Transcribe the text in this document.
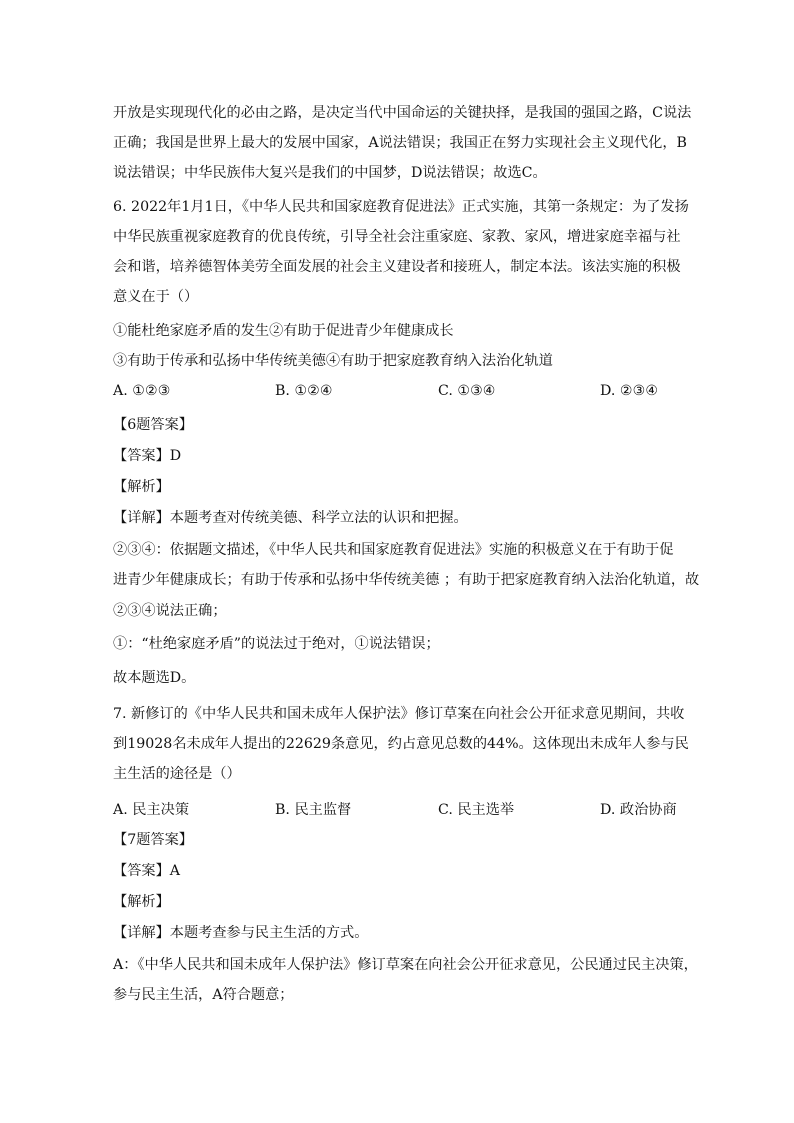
开放是实现现代化的必由之路，是决定当代中国命运的关键抉择，是我国的强国之路，C说法
正确；我国是世界上最大的发展中国家，A说法错误；我国正在努力实现社会主义现代化，B
说法错误；中华民族伟大复兴是我们的中国梦，D说法错误；故选C。
6. 2022年1月1日，《中华人民共和国家庭教育促进法》正式实施，其第一条规定：为了发扬
中华民族重视家庭教育的优良传统，引导全社会注重家庭、家教、家风，增进家庭幸福与社
会和谐，培养德智体美劳全面发展的社会主义建设者和接班人，制定本法。该法实施的积极
意义在于（）
①能杜绝家庭矛盾的发生②有助于促进青少年健康成长
③有助于传承和弘扬中华传统美德④有助于把家庭教育纳入法治化轨道
A. ①②③	B. ①②④	C. ①③④	D. ②③④
【6题答案】
【答案】D
【解析】
【详解】本题考查对传统美德、科学立法的认识和把握。
②③④：依据题文描述，《中华人民共和国家庭教育促进法》实施的积极意义在于有助于促
进青少年健康成长；有助于传承和弘扬中华传统美德 ；有助于把家庭教育纳入法治化轨道，故
②③④说法正确；
①：“杜绝家庭矛盾”的说法过于绝对，①说法错误；
故本题选D。
7. 新修订的《中华人民共和国未成年人保护法》修订草案在向社会公开征求意见期间，共收
到19028名未成年人提出的22629条意见，约占意见总数的44%。这体现出未成年人参与民
主生活的途径是（）
A. 民主决策	B. 民主监督	C. 民主选举	D. 政治协商
【7题答案】
【答案】A
【解析】
【详解】本题考查参与民主生活的方式。
A：《中华人民共和国未成年人保护法》修订草案在向社会公开征求意见，公民通过民主决策，
参与民主生活，A符合题意；
